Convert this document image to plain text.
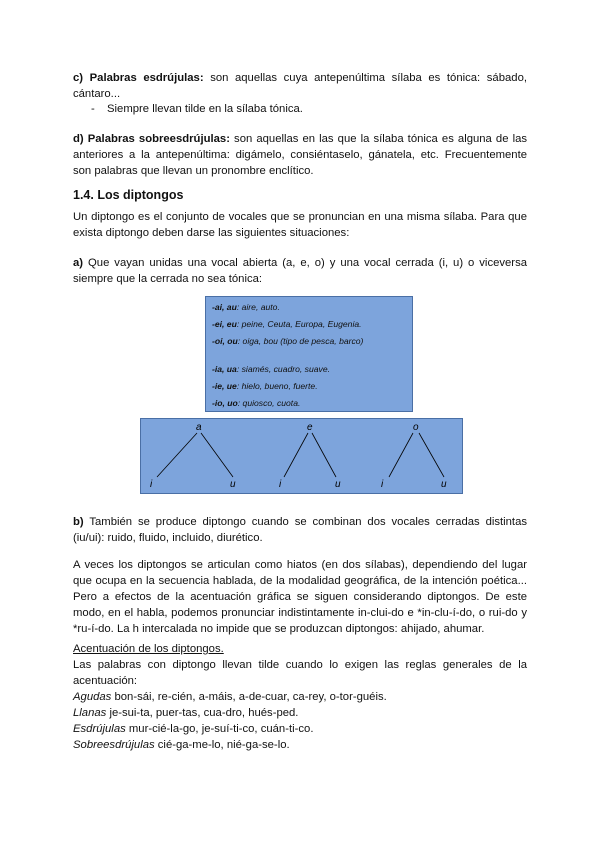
c) Palabras esdrújulas: son aquellas cuya antepenúltima sílaba es tónica: sábado, cántaro...
- Siempre llevan tilde en la sílaba tónica.
d) Palabras sobreesdrújulas: son aquellas en las que la sílaba tónica es alguna de las anteriores a la antepenúltima: digámelo, consiéntaselo, gánatela, etc. Frecuentemente son palabras que llevan un pronombre enclítico.
1.4. Los diptongos
Un diptongo es el conjunto de vocales que se pronuncian en una misma sílaba. Para que exista diptongo deben darse las siguientes situaciones:
a) Que vayan unidas una vocal abierta (a, e, o) y una vocal cerrada (i, u) o viceversa siempre que la cerrada no sea tónica:
-ai, au: aire, auto.
-ei, eu: peine, Ceuta, Europa, Eugenia.
-oi, ou: oiga, bou (tipo de pesca, barco)
-ia, ua: siamés, cuadro, suave.
-ie, ue: hielo, bueno, fuerte.
-io, uo: quiosco, cuota.
a
i	u
e
i	u
o
i	u
b) También se produce diptongo cuando se combinan dos vocales cerradas distintas (iu/ui): ruido, fluido, incluido, diurético.
A veces los diptongos se articulan como hiatos (en dos sílabas), dependiendo del lugar que ocupa en la secuencia hablada, de la modalidad geográfica, de la intención poética... Pero a efectos de la acentuación gráfica se siguen considerando diptongos. De este modo, en el habla, podemos pronunciar indistintamente in-clui-do e *in-clu-í-do, o rui-do y *ru-í-do. La h intercalada no impide que se produzcan diptongos: ahijado, ahumar.
Acentuación de los diptongos.
Las palabras con diptongo llevan tilde cuando lo exigen las reglas generales de la acentuación:
Agudas bon-sái, re-cién, a-máis, a-de-cuar, ca-rey, o-tor-guéis.
Llanas je-sui-ta, puer-tas, cua-dro, hués-ped.
Esdrújulas mur-cié-la-go, je-suí-ti-co, cuán-ti-co.
Sobreesdrújulas cié-ga-me-lo, nié-ga-se-lo.
